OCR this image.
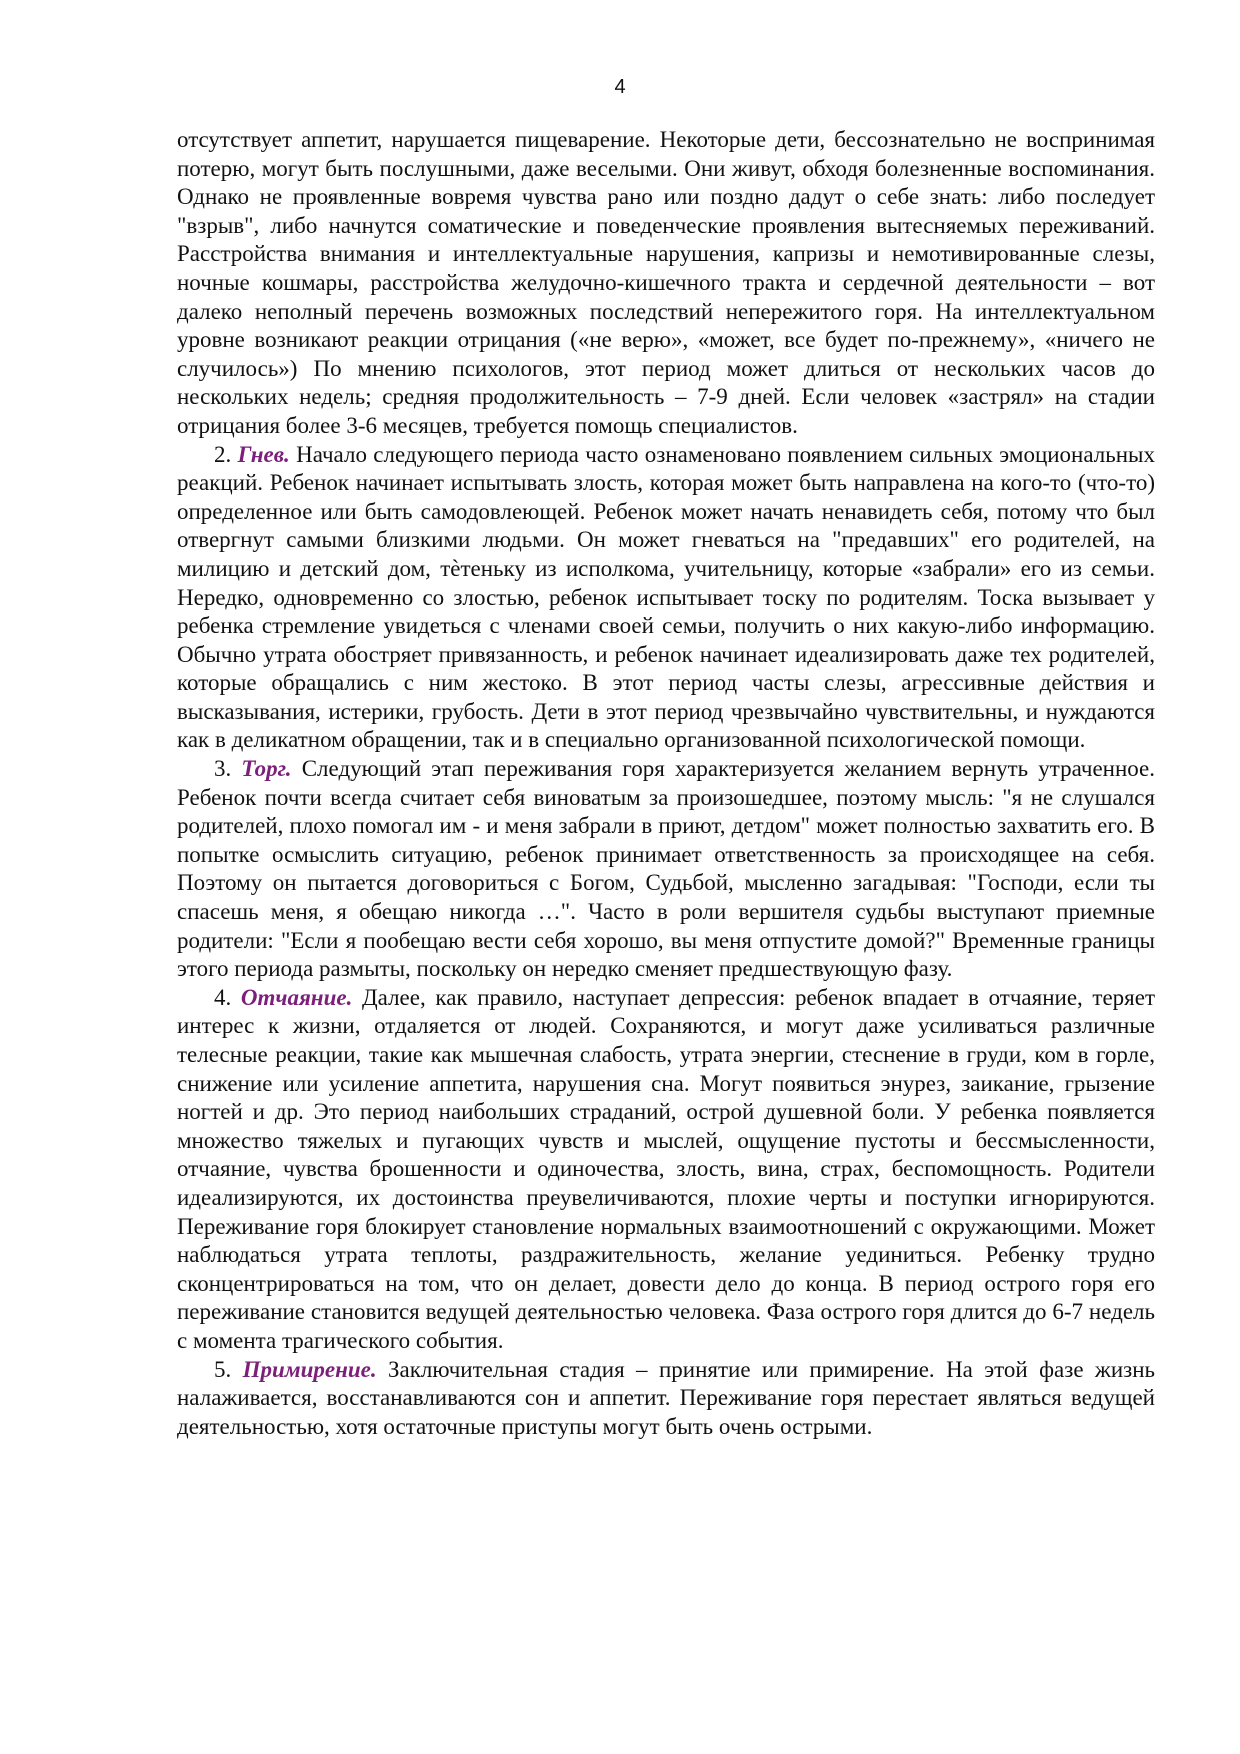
4

отсутствует аппетит, нарушается пищеварение. Некоторые дети, бессознательно не воспринимая потерю, могут быть послушными, даже веселыми. Они живут, обходя болезненные воспоминания. Однако не проявленные вовремя чувства рано или поздно дадут о себе знать: либо последует "взрыв", либо начнутся соматические и поведенческие проявления вытесняемых переживаний. Расстройства внимания и интеллектуальные нарушения, капризы и немотивированные слезы, ночные кошмары, расстройства желудочно-кишечного тракта и сердечной деятельности – вот далеко неполный перечень возможных последствий непережитого горя. На интеллектуальном уровне возникают реакции отрицания («не верю», «может, все будет по-прежнему», «ничего не случилось») По мнению психологов, этот период может длиться от нескольких часов до нескольких недель; средняя продолжительность – 7-9 дней. Если человек «застрял» на стадии отрицания более 3-6 месяцев, требуется помощь специалистов.

2. Гнев. Начало следующего периода часто ознаменовано появлением сильных эмоциональных реакций. Ребенок начинает испытывать злость, которая может быть направлена на кого-то (что-то) определенное или быть самодовлеющей. Ребенок может начать ненавидеть себя, потому что был отвергнут самыми близкими людьми. Он может гневаться на "предавших" его родителей, на милицию и детский дом, тѐтеньку из исполкома, учительницу, которые «забрали» его из семьи. Нередко, одновременно со злостью, ребенок испытывает тоску по родителям. Тоска вызывает у ребенка стремление увидеться с членами своей семьи, получить о них какую-либо информацию. Обычно утрата обостряет привязанность, и ребенок начинает идеализировать даже тех родителей, которые обращались с ним жестоко. В этот период часты слезы, агрессивные действия и высказывания, истерики, грубость. Дети в этот период чрезвычайно чувствительны, и нуждаются как в деликатном обращении, так и в специально организованной психологической помощи.

3. Торг. Следующий этап переживания горя характеризуется желанием вернуть утраченное. Ребенок почти всегда считает себя виноватым за произошедшее, поэтому мысль: "я не слушался родителей, плохо помогал им - и меня забрали в приют, детдом" может полностью захватить его. В попытке осмыслить ситуацию, ребенок принимает ответственность за происходящее на себя. Поэтому он пытается договориться с Богом, Судьбой, мысленно загадывая: "Господи, если ты спасешь меня, я обещаю никогда …". Часто в роли вершителя судьбы выступают приемные родители: "Если я пообещаю вести себя хорошо, вы меня отпустите домой?" Временные границы этого периода размыты, поскольку он нередко сменяет предшествующую фазу.

4. Отчаяние. Далее, как правило, наступает депрессия: ребенок впадает в отчаяние, теряет интерес к жизни, отдаляется от людей. Сохраняются, и могут даже усиливаться различные телесные реакции, такие как мышечная слабость, утрата энергии, стеснение в груди, ком в горле, снижение или усиление аппетита, нарушения сна. Могут появиться энурез, заикание, грызение ногтей и др. Это период наибольших страданий, острой душевной боли. У ребенка появляется множество тяжелых и пугающих чувств и мыслей, ощущение пустоты и бессмысленности, отчаяние, чувства брошенности и одиночества, злость, вина, страх, беспомощность. Родители идеализируются, их достоинства преувеличиваются, плохие черты и поступки игнорируются. Переживание горя блокирует становление нормальных взаимоотношений с окружающими. Может наблюдаться утрата теплоты, раздражительность, желание уединиться. Ребенку трудно сконцентрироваться на том, что он делает, довести дело до конца. В период острого горя его переживание становится ведущей деятельностью человека. Фаза острого горя длится до 6-7 недель с момента трагического события.

5. Примирение. Заключительная стадия – принятие или примирение. На этой фазе жизнь налаживается, восстанавливаются сон и аппетит. Переживание горя перестает являться ведущей деятельностью, хотя остаточные приступы могут быть очень острыми.
